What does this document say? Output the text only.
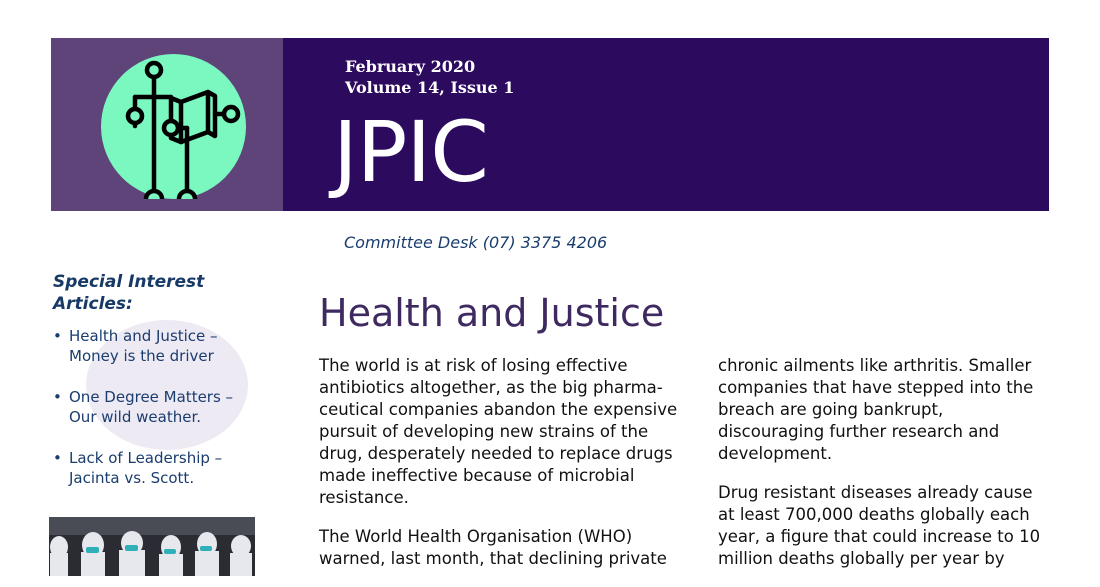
February 2020
Volume 14, Issue 1
JPIC
Committee Desk (07) 3375 4206
Special Interest
Articles:
• Health and Justice –
Money is the driver
• One Degree Matters –
Our wild weather.
• Lack of Leadership –
Jacinta vs. Scott.
Health and Justice

The world is at risk of losing effective
antibiotics altogether, as the big pharma-
ceutical companies abandon the expensive
pursuit of developing new strains of the
drug, desperately needed to replace drugs
made ineffective because of microbial
resistance.

The World Health Organisation (WHO)
warned, last month, that declining private

chronic ailments like arthritis. Smaller
companies that have stepped into the
breach are going bankrupt,
discouraging further research and
development.

Drug resistant diseases already cause
at least 700,000 deaths globally each
year, a figure that could increase to 10
million deaths globally per year by
